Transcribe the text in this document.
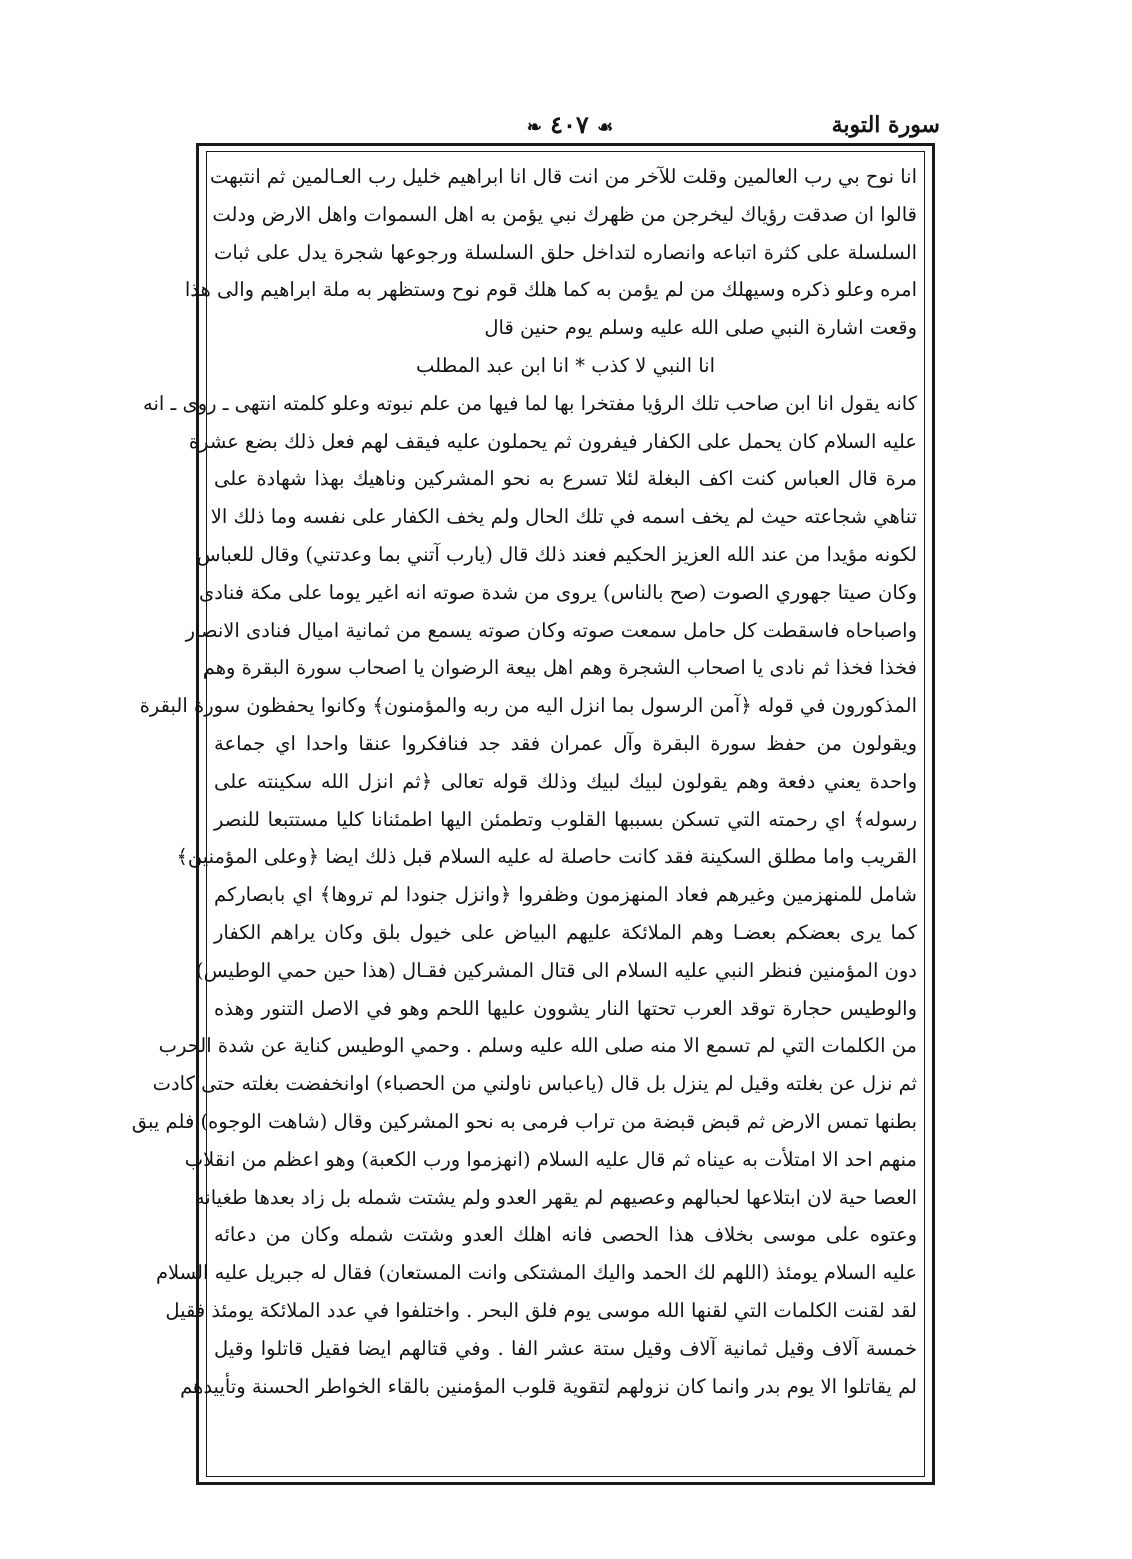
سورة التوبة
☙ ٤٠٧ ❧
انا نوح بي رب العالمين وقلت للآخر من انت قال انا ابراهيم خليل رب العـالمين ثم انتبهت
قالوا ان صدقت رؤياك ليخرجن من ظهرك نبي يؤمن به اهل السموات واهل الارض ودلت
السلسلة على كثرة اتباعه وانصاره لتداخل حلق السلسلة ورجوعها شجرة يدل على ثبات
امره وعلو ذكره وسيهلك من لم يؤمن به كما هلك قوم نوح وستظهر به ملة ابراهيم والى هذا
وقعت اشارة النبي صلى الله عليه وسلم يوم حنين قال
انا النبي لا كذب * انا ابن عبد المطلب
كانه يقول انا ابن صاحب تلك الرؤيا مفتخرا بها لما فيها من علم نبوته وعلو كلمته انتهى ـ روى ـ انه
عليه السلام كان يحمل على الكفار فيفرون ثم يحملون عليه فيقف لهم فعل ذلك بضع عشرة
مرة قال العباس كنت اكف البغلة لئلا تسرع به نحو المشركين وناهيك بهذا شهادة على
تناهي شجاعته حيث لم يخف اسمه في تلك الحال ولم يخف الكفار على نفسه وما ذلك الا
لكونه مؤيدا من عند الله العزيز الحكيم فعند ذلك قال (يارب آتني بما وعدتني) وقال للعباس
وكان صيتا جهوري الصوت (صح بالناس) يروى من شدة صوته انه اغير يوما على مكة فنادى
واصباحاه فاسقطت كل حامل سمعت صوته وكان صوته يسمع من ثمانية اميال فنادى الانصار
فخذا فخذا ثم نادى يا اصحاب الشجرة وهم اهل بيعة الرضوان يا اصحاب سورة البقرة وهم
المذكورون في قوله ﴿آمن الرسول بما انزل اليه من ربه والمؤمنون﴾ وكانوا يحفظون سورة البقرة
ويقولون من حفظ سورة البقرة وآل عمران فقد جد فنافكروا عنقا واحدا اي جماعة
واحدة يعني دفعة وهم يقولون لبيك لبيك وذلك قوله تعالى ﴿ثم انزل الله سكينته على
رسوله﴾ اي رحمته التي تسكن بسببها القلوب وتطمئن اليها اطمئنانا كليا مستتبعا للنصر
القريب واما مطلق السكينة فقد كانت حاصلة له عليه السلام قبل ذلك ايضا ﴿وعلى المؤمنين﴾
شامل للمنهزمين وغيرهم فعاد المنهزمون وظفروا ﴿وانزل جنودا لم تروها﴾ اي بابصاركم
كما يرى بعضكم بعضـا وهم الملائكة عليهم البياض على خيول بلق وكان يراهم الكفار
دون المؤمنين فنظر النبي عليه السلام الى قتال المشركين فقـال (هذا حين حمي الوطيس)
والوطيس حجارة توقد العرب تحتها النار يشوون عليها اللحم وهو في الاصل التنور وهذه
من الكلمات التي لم تسمع الا منه صلى الله عليه وسلم . وحمي الوطيس كناية عن شدة الحرب
ثم نزل عن بغلته وقيل لم ينزل بل قال (ياعباس ناولني من الحصباء) اوانخفضت بغلته حتى كادت
بطنها تمس الارض ثم قبض قبضة من تراب فرمى به نحو المشركين وقال (شاهت الوجوه) فلم يبق
منهم احد الا امتلأت به عيناه ثم قال عليه السلام (انهزموا ورب الكعبة) وهو اعظم من انقلاب
العصا حية لان ابتلاعها لحبالهم وعصيهم لم يقهر العدو ولم يشتت شمله بل زاد بعدها طغيانه
وعتوه على موسى بخلاف هذا الحصى فانه اهلك العدو وشتت شمله وكان من دعائه
عليه السلام يومئذ (اللهم لك الحمد واليك المشتكى وانت المستعان) فقال له جبريل عليه السلام
لقد لقنت الكلمات التي لقنها الله موسى يوم فلق البحر . واختلفوا في عدد الملائكة يومئذ فقيل
خمسة آلاف وقيل ثمانية آلاف وقيل ستة عشر الفا . وفي قتالهم ايضا فقيل قاتلوا وقيل
لم يقاتلوا الا يوم بدر وانما كان نزولهم لتقوية قلوب المؤمنين بالقاء الخواطر الحسنة وتأييدهم
